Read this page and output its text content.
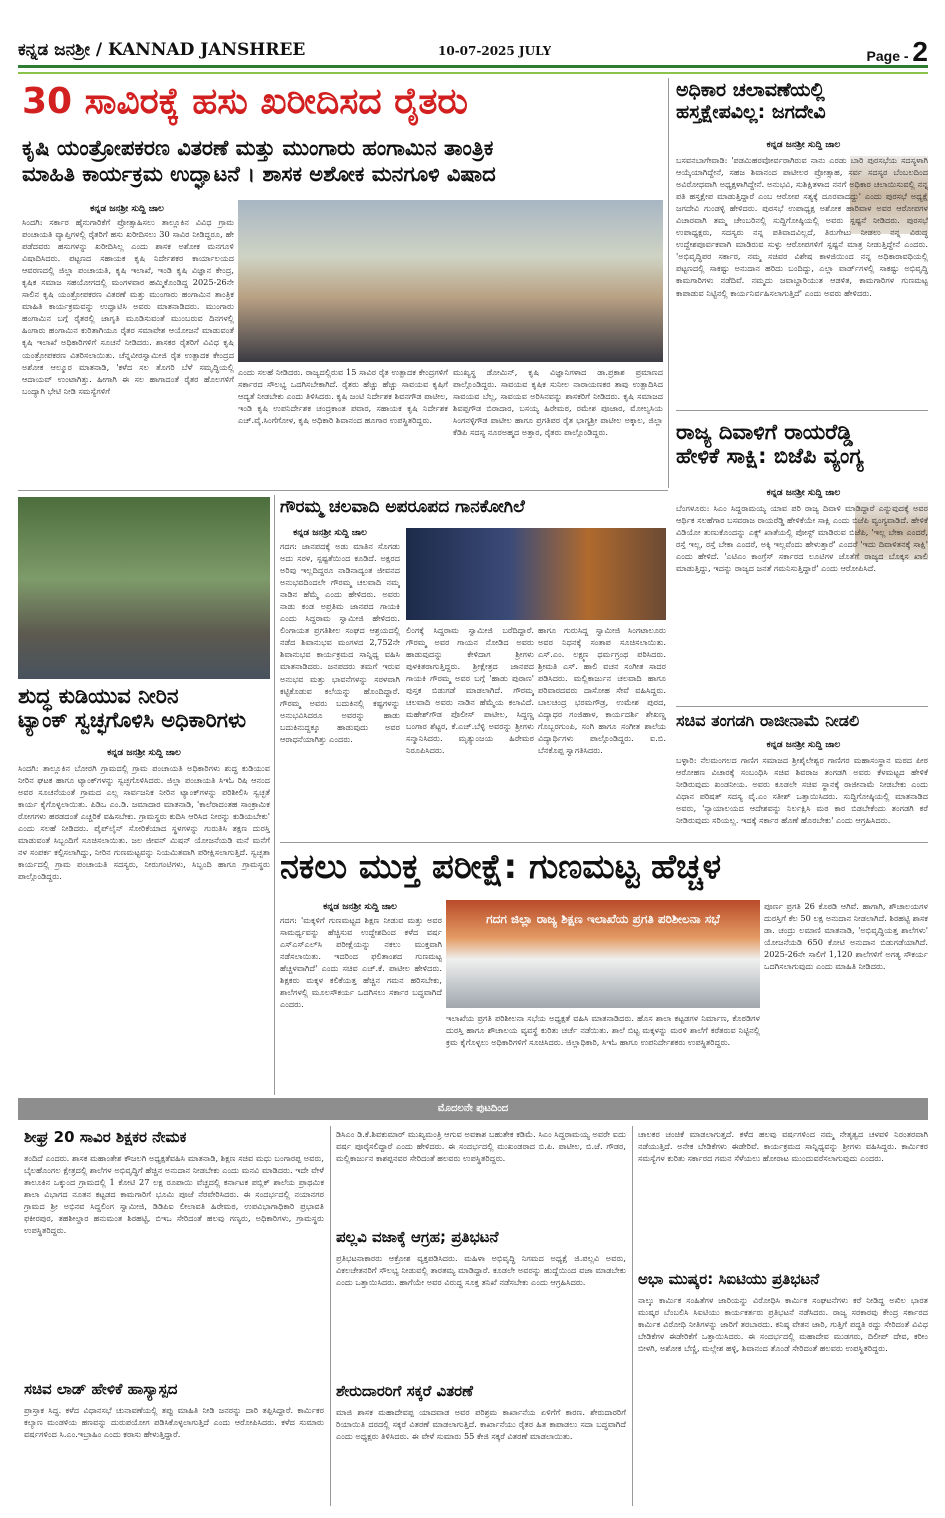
ಕನ್ನಡ ಜನಶ್ರೀ / KANNAD JANSHREE	10-07-2025 JULY	Page - 2
30 ಸಾವಿರಕ್ಕೆ ಹಸು ಖರೀದಿಸದ ರೈತರು
ಕೃಷಿ ಯಂತ್ರೋಪಕರಣ ವಿತರಣೆ ಮತ್ತು ಮುಂಗಾರು ಹಂಗಾಮಿನ ತಾಂತ್ರಿಕ
ಮಾಹಿತಿ ಕಾರ್ಯಕ್ರಮ ಉದ್ಘಾಟನೆ । ಶಾಸಕ ಅಶೋಕ ಮನಗೂಳಿ ವಿಷಾದ
ಕನ್ನಡ ಜನಶ್ರೀ ಸುದ್ದಿ ಜಾಲ
ಸಿಂದಗಿ: ಸರ್ಕಾರ ಹೈನುಗಾರಿಕೆಗೆ ಪ್ರೋತ್ಸಾಹಿಸಲು ತಾಲ್ಲೂಕಿನ ವಿವಿಧ ಗ್ರಾಮ ಪಂಚಾಯತಿ ವ್ಯಾಪ್ತಿಗಳಲ್ಲಿ ರೈತರಿಗೆ ಹಸು ಖರೀದಿಸಲು 30 ಸಾವಿರ ನೀಡಿದ್ದರೂ, ಹೇ ಪಡೆದವರು ಹಸುಗಳನ್ನು ಖರೀದಿಸಿಲ್ಲ ಎಂದು ಶಾಸಕ ಅಶೋಕ ಮನಗೂಳಿ ವಿಷಾದಿಸಿದರು. ಪಟ್ಟಣದ ಸಹಾಯಕ ಕೃಷಿ ನಿರ್ದೇಶಕರ ಕಾರ್ಯಾಲಯದ ಆವರಣದಲ್ಲಿ ಜಿಲ್ಲಾ ಪಂಚಾಯತಿ, ಕೃಷಿ ಇಲಾಖೆ, ಇಂಡಿ ಕೃಷಿ ವಿಜ್ಞಾನ ಕೇಂದ್ರ, ಕೃಷಿಕ ಸಮಾಜ ಸಹಯೋಗದಲ್ಲಿ ಮಂಗಳವಾರ ಹಮ್ಮಿಕೊಂಡಿದ್ದ 2025-26ನೇ ಸಾಲಿನ ಕೃಷಿ ಯಂತ್ರೋಪಕರಣ ವಿತರಣೆ ಮತ್ತು ಮುಂಗಾರು ಹಂಗಾಮಿನ ತಾಂತ್ರಿಕ ಮಾಹಿತಿ ಕಾರ್ಯಕ್ರಮವನ್ನು ಉದ್ಘಾಟಿಸಿ ಅವರು ಮಾತನಾಡಿದರು. ಮುಂಗಾರು ಹಂಗಾಮಿನ ಬಗ್ಗೆ ರೈತರಲ್ಲಿ ಜಾಗೃತಿ ಮೂಡಿಸುವಂತೆ ಮುಂಬರುವ ದಿನಗಳಲ್ಲಿ ಹಿಂಗಾರು ಹಂಗಾಮಿನ ಕುರಿತಾಗಿಯೂ ರೈತರ ಸಮಾವೇಶ ಆಯೋಜನೆ ಮಾಡುವಂತೆ ಕೃಷಿ ಇಲಾಖೆ ಅಧಿಕಾರಿಗಳಿಗೆ ಸೂಚನೆ ನೀಡಿದರು. ಶಾಸಕರ ರೈತರಿಗೆ ವಿವಿಧ ಕೃಷಿ ಯಂತ್ರೋಪಕರಣ ವಿತರಿಸಲಾಯಿತು. ಚೆನ್ನವೀರಸ್ವಾಮೀಜಿ ರೈತ ಉತ್ಪಾದಕ ಕೇಂದ್ರದ ಅಶೋಕ ಆಲ್ಮೂರ ಮಾತನಾಡಿ, 'ಕಳೆದ ಸಲ ತೊಗರಿ ಬೆಳೆ ಸಮೃದ್ಧಿಯಲ್ಲಿ ಆದಾಯವ್ ಉಂಟಾಗಿತ್ತು. ಹೀಗಾಗಿ ಈ ಸಲ ಹಾಗಾದಂತೆ ರೈತರ ಹೊಲಗಳಿಗೆ ಬಂದ್ಯಾಗಿ ಭೇಟಿ ನೀಡಿ ಸಮಸ್ಯೆಗಳಿಗೆ
ಎಂದು ಸಲಹೆ ನೀಡಿದರು. ರಾಜ್ಯದಲ್ಲಿರುವ 15 ಸಾವಿರ ರೈತ ಉತ್ಪಾದಕ ಕೇಂದ್ರಗಳಿಗೆ ಸರ್ಕಾರದ ಸೌಲಭ್ಯ ಒದಗಿಸಬೇಕಾಗಿದೆ. ರೈತರು ಹೆಚ್ಚು ಹೆಚ್ಚು ಸಾವಯವ ಕೃಷಿಗೆ ಆದ್ಯತೆ ನೀಡಬೇಕು ಎಂದು ತಿಳಿಸಿದರು. ಕೃಷಿ ಜಂಟಿ ನಿರ್ದೇಶಕ ಶಿವನಗೌಡ ಪಾಟೀಲ, ಇಂಡಿ ಕೃಷಿ ಉಪನಿರ್ದೇಶಕ ಚಂದ್ರಕಾಂತ ಪವಾರ, ಸಹಾಯಕ ಕೃಷಿ ನಿರ್ದೇಶಕ ಎಚ್.ವೈ.ಸಿಂಗೆಗೋಳ, ಕೃಷಿ ಅಧಿಕಾರಿ ಶಿವಾನಂದ ಹೂಗಾರ ಉಪಸ್ಥಿತರಿದ್ದರು.
ಮುಖ್ಯಸ್ಥ ಡೋಮಿನ್, ಕೃಷಿ ವಿಜ್ಞಾನಿಗಳಾದ ಡಾ.ಪ್ರಕಾಶ ಪ್ರಮಾಣದ ಪಾಲ್ಗೊಂಡಿದ್ದರು. ಸಾವಯವ ಕೃಷಿಕ ಸುನೀಲ ನಾರಾಯಣಕರ ತಾವು ಉತ್ಪಾದಿಸಿದ ಸಾವಯವ ಬೆಲ್ಲ, ಸಾವಯವ ಅರಿಸಿನವನ್ನು ಶಾಸಕರಿಗೆ ನೀಡಿದರು. ಕೃಷಿ ಸಮಾಜದ ಶಿವಪ್ಪಗೌಡ ಬಿರಾದಾರ, ಬಸಯ್ಯ ಹಿರೇಮಠ, ರಮೇಶ ಪೂಜಾರ, ಮೋಲ್ಯಸಿಯ ಸಿಂಗನಳ್ಳಿಗೌಡ ಪಾಟೀಲ ಹಾಗೂ ಪ್ರಗತಿಪರ ರೈತ ಭಾಗ್ಯಶ್ರೀ ಪಾಟೀಲ ಅಕ್ಕಾಲ, ಜಿಲ್ಲಾ ಕೆಡಿಪಿ ಸದಸ್ಯ ನೂರಅಹ್ಮದ ಅತ್ತಾರ, ರೈತರು ಪಾಲ್ಗೊಂಡಿದ್ದರು.
ಅಧಿಕಾರ ಚಲಾವಣೆಯಲ್ಲಿ
ಹಸ್ತಕ್ಷೇಪವಿಲ್ಲ: ಜಗದೇವಿ
ಕನ್ನಡ ಜನಶ್ರೀ ಸುದ್ದಿ ಜಾಲ
ಬಸವನಬಾಗೇವಾಡಿ: 'ಪಡಮಿಹರವೋರ್ವರಾಗಿರುವ ನಾನು ಎರಡು ಬಾರಿ ಪುರಸಭೆಯ ಸದಸ್ಯಳಾಗಿ ಆಯ್ಕೆಯಾಗಿದ್ದೇನೆ, ಸಹಜ ಶಿವಾನಂದ ಪಾಟೀಲರ ಪ್ರೋತ್ಸಾಹ, ಸರ್ವ ಸದಸ್ಯರ ಬೆಂಬಲದಿಂದ ಅವಿರೋಧವಾಗಿ ಅಧ್ಯಕ್ಷಳಾಗಿದ್ದೇನೆ. ಅನುಭವಿ, ಸುಶಿಕ್ಷಿತಳಾದ ನನಗೆ ಅಧಿಕಾರ ಚಲಾಯಿಸುವಲ್ಲಿ ನನ್ನ ಪತಿ ಹಸ್ತಕ್ಷೇಪ ಮಾಡುತ್ತಿದ್ದಾರೆ ಎಂಬ ಆರೋಪ ಸತ್ಯಕ್ಕೆ ದೂರವಾದದ್ದು' ಎಂದು ಪುರಸಭೆ ಅಧ್ಯಕ್ಷೆ ಜಗದೇವಿ ಗುಂಡಳ್ಳಿ ಹೇಳಿದರು. ಪುರಸಭೆ ಉಪಾಧ್ಯಕ್ಷ ಅಶೋಕ ಹಾರಿವಾಳ ಅವರ ಆರೋಪಗಳ ವಿಚಾರವಾಗಿ ತಮ್ಮ ಚೇಂಬರಿನಲ್ಲಿ ಸುದ್ದಿಗೋಷ್ಠಿಯಲ್ಲಿ ಅವರು ಸ್ಪಷ್ಟನೆ ನೀಡಿದರು. ಪುರಸಭೆ ಉಪಾಧ್ಯಕ್ಷರು, ಸದಸ್ಯರು ನನ್ನ ಪತಿವಾದವಿಲ್ಲದೆ, ತಿರುಗೇಟು ನೀಡಲು ನನ್ನ ವಿರುದ್ಧ ಉದ್ದೇಶಪೂರ್ವಕವಾಗಿ ಮಾಡಿರುವ ಸುಳ್ಳು ಆರೋಪಗಳಿಗೆ ಸ್ಪಷ್ಟನೆ ಮಾತ್ರ ನೀಡುತ್ತಿದ್ದೇನೆ ಎಂದರು. 'ಅಭಿವೃದ್ಧಿಪರ ಸರ್ಕಾರ, ನಮ್ಮ ಸಚಿವರ ವಿಶೇಷ ಕಾಳಜಿಯಿಂದ ನನ್ನ ಅಧಿಕಾರಾವಧಿಯಲ್ಲಿ ಪಟ್ಟಣದಲ್ಲಿ ಸಾಕಷ್ಟು ಅನುದಾನ ಹರಿದು ಬಂದಿದ್ದು, ಎಲ್ಲಾ ವಾರ್ಡ್‌ಗಳಲ್ಲಿ ಸಾಕಷ್ಟು ಅಭಿವೃದ್ಧಿ ಕಾಮಗಾರಿಗಳು ನಡೆದಿವೆ. ನಮ್ಮದು ಜವಾಬ್ದಾರಿಯುತ ಆಡಳಿತ, ಕಾಮಗಾರಿಗಳ ಗುಣಮಟ್ಟ ಕಾಪಾಡುವ ನಿಟ್ಟಿನಲ್ಲಿ ಕಾರ್ಯನಿರ್ವಹಿಸಲಾಗುತ್ತಿದೆ' ಎಂದು ಅವರು ಹೇಳಿದರು.
ರಾಜ್ಯ ದಿವಾಳಿಗೆ ರಾಯರೆಡ್ಡಿ
ಹೇಳಿಕೆ ಸಾಕ್ಷಿ: ಬಿಜೆಪಿ ವ್ಯಂಗ್ಯ
ಕನ್ನಡ ಜನಶ್ರೀ ಸುದ್ದಿ ಜಾಲ
ಬೆಂಗಳೂರು: ಸಿಎಂ ಸಿದ್ದರಾಮಯ್ಯ ಯಾವ ಪರಿ ರಾಜ್ಯ ದಿವಾಳಿ ಮಾಡಿದ್ದಾರೆ ಎನ್ನುವುದಕ್ಕೆ ಅವರ ಆರ್ಥಿಕ ಸಲಹೆಗಾರ ಬಸವರಾಜ ರಾಯರೆಡ್ಡಿ ಹೇಳಿಕೆಯೇ ಸಾಕ್ಷಿ ಎಂದು ಬಿಜೆಪಿ ವ್ಯಂಗ್ಯವಾಡಿದೆ. ಹೇಳಿಕೆ ವಿಡಿಯೋ ತುಣುಕೊಂದನ್ನು ಎಕ್ಸ್ ಖಾತೆಯಲ್ಲಿ ಪೋಸ್ಟ್ ಮಾಡಿರುವ ಬಿಜೆಪಿ, 'ಇಲ್ಲ ಬೇಕಾ ಎಂದರೆ, ರಸ್ತೆ ಇಲ್ಲ, ರಸ್ತೆ ಬೇಕಾ ಎಂದರೆ, ಅಕ್ಕಿ ಇಲ್ಲವೆಂದು ಹೇಳುತ್ತಾರೆ' ಎಂದರೆ 'ಇದು ದಿವಾಳಿತನಕ್ಕೆ ಸಾಕ್ಷಿ' ಎಂದು ಹೇಳಿದೆ. 'ಎಟಿಎಂ ಕಾಂಗ್ರೆಸ್ ಸರ್ಕಾರದ ಲೂಟಿಗಳ ಜೊತೆಗೆ ರಾಜ್ಯದ ಬೊಕ್ಕಸ ಖಾಲಿ ಮಾಡುತ್ತಿದ್ದು, ಇದನ್ನು ರಾಜ್ಯದ ಜನತೆ ಗಮನಿಸುತ್ತಿದ್ದಾರೆ' ಎಂದು ಆರೋಪಿಸಿದೆ.
ಸಚಿವ ತಂಗಡಗಿ ರಾಜೀನಾಮೆ ನೀಡಲಿ
ಕನ್ನಡ ಜನಶ್ರೀ ಸುದ್ದಿ ಜಾಲ
ಬಳ್ಳಾರಿ: ನೆಲಮಂಗಲದ ಗಾಣಿಗ ಸಮಾಜದ ಶ್ರೀಶೈಲೇಶ್ವರ ಗಾಣಿಗರ ಮಹಾಸಂಸ್ಥಾನ ಮಠದ ಪೀಠ ಆರೋಹಣ ವಿಚಾರಕ್ಕೆ ಸಂಬಂಧಿಸಿ ಸಚಿವ ಶಿವರಾಜ ತಂಗಡಗಿ ಅವರು ಕೆಳಮಟ್ಟದ ಹೇಳಿಕೆ ನೀಡಿರುವುದು ಖಂಡನೀಯ. ಅವರು ಕೂಡಲೇ ಸಚಿವ ಸ್ಥಾನಕ್ಕೆ ರಾಜೀನಾಮೆ ನೀಡಬೇಕು ಎಂದು ವಿಧಾನ ಪರಿಷತ್ ಸದಸ್ಯ ವೈ.ಎಂ ಸತೀಶ್ ಒತ್ತಾಯಿಸಿದರು. ಸುದ್ದಿಗೋಷ್ಠಿಯಲ್ಲಿ ಮಾತನಾಡಿದ ಅವರು, 'ನ್ಯಾಯಾಲಯದ ಆದೇಶವನ್ನು ನಿರ್ಲಕ್ಷಿಸಿ ಮಠ ಕಾರ ಬಿಡಬೇಕೆಂದು ತಂಗಡಗಿ ಕರೆ ನೀಡಿರುವುದು ಸರಿಯಲ್ಲ. ಇದಕ್ಕೆ ಸರ್ಕಾರ ಹೊಣೆ ಹೊರಬೇಕು' ಎಂದು ಆಗ್ರಹಿಸಿದರು.
ಶುದ್ಧ ಕುಡಿಯುವ ನೀರಿನ
ಟ್ಯಾಂಕ್ ಸ್ವಚ್ಛಗೊಳಿಸಿ ಅಧಿಕಾರಿಗಳು
ಕನ್ನಡ ಜನಶ್ರೀ ಸುದ್ದಿ ಜಾಲ
ಸಿಂದಗಿ: ತಾಲ್ಲೂಕಿನ ಬೋರಗಿ ಗ್ರಾಮದಲ್ಲಿ ಗ್ರಾಮ ಪಂಚಾಯತಿ ಅಧಿಕಾರಿಗಳು ಶುದ್ಧ ಕುಡಿಯುವ ನೀರಿನ ಘಟಕ ಹಾಗೂ ಟ್ಯಾಂಕ್‌ಗಳನ್ನು ಸ್ವಚ್ಛಗೊಳಿಸಿದರು. ಜಿಲ್ಲಾ ಪಂಚಾಯತಿ ಸಿಇಓ ರಿಷಿ ಆನಂದ ಅವರ ಸೂಚನೆಯಂತೆ ಗ್ರಾಮದ ಎಲ್ಲ ಸಾರ್ವಜನಿಕ ನೀರಿನ ಟ್ಯಾಂಕ್‌ಗಳನ್ನು ಪರಿಶೀಲಿಸಿ ಸ್ವಚ್ಛತೆ ಕಾರ್ಯ ಕೈಗೊಳ್ಳಲಾಯಿತು. ಪಿಡಿಒ ಎಂ.ಡಿ. ಜಮಾದಾರ ಮಾತನಾಡಿ, 'ಕಾಲೆರಾದಂತಹ ಸಾಂಕ್ರಾಮಿಕ ರೋಗಗಳು ಹರಡದಂತೆ ಎಚ್ಚರಿಕೆ ವಹಿಸಬೇಕು. ಗ್ರಾಮಸ್ಥರು ಕುದಿಸಿ ಆರಿಸಿದ ನೀರನ್ನು ಕುಡಿಯಬೇಕು' ಎಂದು ಸಲಹೆ ನೀಡಿದರು. ಪೈಪ್‌ಲೈನ್ ಸೋರಿಕೆಯಾದ ಸ್ಥಳಗಳನ್ನು ಗುರುತಿಸಿ ತಕ್ಷಣ ದುರಸ್ತಿ ಮಾಡುವಂತೆ ಸಿಬ್ಬಂದಿಗೆ ಸೂಚಿಸಲಾಯಿತು. ಜಲ ಜೀವನ್ ಮಿಷನ್ ಯೋಜನೆಯಡಿ ಮನೆ ಮನೆಗೆ ನಳ ಸಂಪರ್ಕ ಕಲ್ಪಿಸಲಾಗಿದ್ದು, ನೀರಿನ ಗುಣಮಟ್ಟವನ್ನು ನಿಯಮಿತವಾಗಿ ಪರೀಕ್ಷಿಸಲಾಗುತ್ತಿದೆ. ಸ್ವಚ್ಛತಾ ಕಾರ್ಯದಲ್ಲಿ ಗ್ರಾಮ ಪಂಚಾಯತಿ ಸದಸ್ಯರು, ನೀರುಗಂಟಿಗಳು, ಸಿಬ್ಬಂದಿ ಹಾಗೂ ಗ್ರಾಮಸ್ಥರು ಪಾಲ್ಗೊಂಡಿದ್ದರು.
ಗೌರಮ್ಮ ಚಲವಾದಿ ಅಪರೂಪದ ಗಾನಕೋಗಿಲೆ
ಕನ್ನಡ ಜನಶ್ರೀ ಸುದ್ದಿ ಜಾಲ
ಗದಗ: ಜಾನಪದಕ್ಕೆ ಅಡು ಮಾತಿನ ಸೊಗಡು ಅದು ಸರಳ, ಸ್ಪಷ್ಟತೆಯಿಂದ ಕೂಡಿದೆ. ಅಕ್ಷರದ ಅರಿವು ಇಲ್ಲದಿದ್ದರೂ ನಾಡಿನಾದ್ಯಂತ ಜೀವನದ ಅನುಭವದಿಂದಲೇ ಗೌರಮ್ಮ ಚಲವಾದಿ ನಮ್ಮ ನಾಡಿನ ಹೆಮ್ಮೆ ಎಂದು ಹೇಳಿದರು. ಅವರು ನಾಡು ಕಂಡ ಅಪ್ರತಿಮ ಜಾನಪದ ಗಾಯಕಿ ಎಂದು ಸಿದ್ದರಾಮ ಸ್ವಾಮೀಜಿ ಹೇಳಿದರು. ಲಿಂಗಾಯತ ಪ್ರಗತಿಶೀಲ ಸಂಘದ ಆಶ್ರಯದಲ್ಲಿ ನಡೆದ ಶಿವಾನುಭವ ಮಂಗಳದ 2,752ನೇ ಶಿವಾನುಭವ ಕಾರ್ಯಕ್ರಮದ ಸಾನ್ನಿಧ್ಯ ವಹಿಸಿ ಮಾತನಾಡಿದರು. ಜನಪದರು ತಮಗೆ ಇರುವ ಅನುಭವ ಮತ್ತು ಭಾವನೆಗಳನ್ನು ಸರಳವಾಗಿ ಕಟ್ಟಿಕೊಡುವ ಕಲೆಯನ್ನು ಹೊಂದಿದ್ದಾರೆ. ಗೌರಮ್ಮ ಅವರು ಬದುಕಿನಲ್ಲಿ ಕಷ್ಟಗಳನ್ನು ಅನುಭವಿಸಿದರೂ ಅವರನ್ನು ಹಾಡು ಬದುಕಿನುದ್ದಕ್ಕೂ ಹಾಡುವುದು ಅವರ ಆರಾಧನೆಯಾಗಿತ್ತು ಎಂದರು.
ಲಿಂಗಕ್ಕೆ ಸಿದ್ದರಾಮ ಸ್ವಾಮೀಜಿ ಬರೆದಿದ್ದಾರೆ. ಗೌರಮ್ಮ ಅವರ ಗಾಯನ ನೋಡಿದ ಅವರು ಹಾಡುವುದನ್ನು ಕೇಳಿದಾಗ ಶ್ರೀಗಳು ಪುಳಕಿತರಾಗುತ್ತಿದ್ದರು. ಶ್ರೀಕ್ಷೇತ್ರದ ಜಾನಪದ ಗಾಯಕಿ ಗೌರಮ್ಮ ಅವರ ಬಗ್ಗೆ 'ಹಾಡು ಪುರಾಣ' ಪುಸ್ತಕ ಬಿಡುಗಡೆ ಮಾಡಲಾಗಿದೆ. ಗೌರಮ್ಮ ಚಲವಾದಿ ಅವರು ನಾಡಿನ ಹೆಮ್ಮೆಯ ಕಲಾವಿದೆ. ಮಹೇಶ್‌ಗೌಡ ಪೊಲೀಸ್ ಪಾಟೀಲ, ಸಿದ್ದಣ್ಣ ಬಂಗಾರ ಶೆಟ್ಟರ, ಕೆ.ಎಚ್.ಬೆಳ್ಳಿ ಅವರನ್ನು ಶ್ರೀಗಳು ಸನ್ಮಾನಿಸಿದರು. ಮೃತ್ಯುಂಜಯ ಹಿರೇಮಠ ನಿರೂಪಿಸಿದರು.
ಹಾಗೂ ಗುರುಸಿದ್ದ ಸ್ವಾಮೀಜಿ ಸಿಂಗಟಾಲೂರು ಅವರ ನಿಧನಕ್ಕೆ ಸಂತಾಪ ಸೂಚಿಸಲಾಯಿತು. ಎಸ್.ಎಂ. ಲಕ್ಷ್ಮಣ ಧರ್ಮಗ್ರಂಥ ಪಠಿಸಿದರು. ಶ್ರೀಮತಿ ಎಸ್. ಹಾಲಿ ವಚನ ಸಂಗೀತ ಸಾದರ ಪಡಿಸಿದರು. ಮಲ್ಲಿಕಾರ್ಜುನ ಚಲವಾದಿ ಹಾಗೂ ಪರಿವಾರದವರು ದಾಸೋಹ ಸೇವೆ ವಹಿಸಿದ್ದರು. ಬಾಲಚಂದ್ರ ಭರಮಗೌಡ್ರ, ಉಮೇಶ ಪುರದ, ವಿದ್ಯಾಧರ ಗಂಜಿಹಾಳ, ಕಾರ್ಯದರ್ಶಿ ಶೇಖಣ್ಣ ಗೊಬ್ಬರಗುಂಪಿ, ಸಂಗಿ ಹಾಗೂ ಸಂಗೀತ ಶಾಲೆಯ ವಿದ್ಯಾರ್ಥಿಗಳು ಪಾಲ್ಗೊಂಡಿದ್ದರು. ಐ.ಬಿ. ಬೆನಕೊಪ್ಪ ಸ್ವಾಗತಿಸಿದರು.
ನಕಲು ಮುಕ್ತ ಪರೀಕ್ಷೆ: ಗುಣಮಟ್ಟ ಹೆಚ್ಚಳ
ಕನ್ನಡ ಜನಶ್ರೀ ಸುದ್ದಿ ಜಾಲ
ಗದಗ: 'ಮಕ್ಕಳಿಗೆ ಗುಣಮಟ್ಟದ ಶಿಕ್ಷಣ ನೀಡುವ ಮತ್ತು ಅವರ ಸಾಮರ್ಥ್ಯವನ್ನು ಹೆಚ್ಚಿಸುವ ಉದ್ದೇಶದಿಂದ ಕಳೆದ ವರ್ಷ ಎಸ್‌ಎಸ್‌ಎಲ್‌ಸಿ ಪರೀಕ್ಷೆಯನ್ನು ನಕಲು ಮುಕ್ತವಾಗಿ ನಡೆಸಲಾಯಿತು. ಇದರಿಂದ ಫಲಿತಾಂಶದ ಗುಣಮಟ್ಟ ಹೆಚ್ಚಳವಾಗಿದೆ' ಎಂದು ಸಚಿವ ಎಚ್.ಕೆ. ಪಾಟೀಲ ಹೇಳಿದರು. ಶಿಕ್ಷಕರು ಮಕ್ಕಳ ಕಲಿಕೆಯತ್ತ ಹೆಚ್ಚಿನ ಗಮನ ಹರಿಸಬೇಕು, ಶಾಲೆಗಳಲ್ಲಿ ಮೂಲಸೌಕರ್ಯ ಒದಗಿಸಲು ಸರ್ಕಾರ ಬದ್ಧವಾಗಿದೆ ಎಂದರು.
ಗದಗ ಜಿಲ್ಲಾ ರಾಜ್ಯ ಶಿಕ್ಷಣ ಇಲಾಖೆಯ ಪ್ರಗತಿ ಪರಿಶೀಲನಾ ಸಭೆ
ಇಲಾಖೆಯ ಪ್ರಗತಿ ಪರಿಶೀಲನಾ ಸಭೆಯ ಅಧ್ಯಕ್ಷತೆ ವಹಿಸಿ ಮಾತನಾಡಿದರು. ಹೊಸ ಶಾಲಾ ಕಟ್ಟಡಗಳ ನಿರ್ಮಾಣ, ಕೊಠಡಿಗಳ ದುರಸ್ತಿ ಹಾಗೂ ಶೌಚಾಲಯ ವ್ಯವಸ್ಥೆ ಕುರಿತು ಚರ್ಚೆ ನಡೆಯಿತು. ಶಾಲೆ ಬಿಟ್ಟ ಮಕ್ಕಳನ್ನು ಮರಳಿ ಶಾಲೆಗೆ ಕರೆತರುವ ನಿಟ್ಟಿನಲ್ಲಿ ಕ್ರಮ ಕೈಗೊಳ್ಳಲು ಅಧಿಕಾರಿಗಳಿಗೆ ಸೂಚಿಸಿದರು. ಜಿಲ್ಲಾಧಿಕಾರಿ, ಸಿಇಓ ಹಾಗೂ ಉಪನಿರ್ದೇಶಕರು ಉಪಸ್ಥಿತರಿದ್ದರು.
ಪೂರ್ಣ ಪ್ರಗತಿ 26 ಕೊಠಡಿ ಆಗಿವೆ. ಹಾಗಾಗಿ, ಶೌಚಾಲಯಗಳ ದುರಸ್ತಿಗೆ ಕೆಲ 50 ಲಕ್ಷ ಅನುದಾನ ನೀಡಲಾಗಿದೆ. ಶಿರಹಟ್ಟಿ ಶಾಸಕ ಡಾ. ಚಂದ್ರು ಲಮಾಣಿ ಮಾತನಾಡಿ, 'ಅಭಿವೃದ್ಧಿಯತ್ತ ಶಾಲೆಗಳು' ಯೋಜನೆಯಡಿ 650 ಕೋಟಿ ಅನುದಾನ ಬಿಡುಗಡೆಯಾಗಿದೆ. 2025-26ನೇ ಸಾಲಿಗೆ 1,120 ಶಾಲೆಗಳಿಗೆ ಅಗತ್ಯ ಸೌಕರ್ಯ ಒದಗಿಸಲಾಗುವುದು ಎಂದು ಮಾಹಿತಿ ನೀಡಿದರು.
ಮೊದಲನೇ ಪುಟದಿಂದ
ಶೀಘ್ರ 20 ಸಾವಿರ ಶಿಕ್ಷಕರ ನೇಮಕ
ತಂದಿದೆ ಎಂದರು. ಶಾಸಕ ಮಹಾಂತೇಶ ಕೌಜಲಗಿ ಅಧ್ಯಕ್ಷತೆವಹಿಸಿ ಮಾತನಾಡಿ, ಶಿಕ್ಷಣ ಸಚಿವ ಮಧು ಬಂಗಾರಪ್ಪ ಅವರು, ಬೈಲಹೊಂಗಲ ಕ್ಷೇತ್ರದಲ್ಲಿ ಶಾಲೆಗಳ ಅಭಿವೃದ್ಧಿಗೆ ಹೆಚ್ಚಿನ ಅನುದಾನ ನೀಡಬೇಕು ಎಂದು ಮನವಿ ಮಾಡಿದರು. ಇದೇ ವೇಳೆ ತಾಲೂಕಿನ ಒಕ್ಕುಂದ ಗ್ರಾಮದಲ್ಲಿ 1 ಕೋಟಿ 27 ಲಕ್ಷ ರೂಪಾಯಿ ವೆಚ್ಚದಲ್ಲಿ ಕರ್ನಾಟಕ ಪಬ್ಲಿಕ್ ಶಾಲೆಯ ಪ್ರಾಥಮಿಕ ಶಾಲಾ ವಿಭಾಗದ ನೂತನ ಕಟ್ಟಡದ ಕಾಮಗಾರಿಗೆ ಭೂಮಿ ಪೂಜೆ ನೆರವೇರಿಸಿದರು. ಈ ಸಂದರ್ಭದಲ್ಲಿ ನಯಾನಗರ ಗ್ರಾಮದ ಶ್ರೀ ಅಭಿನವ ಸಿದ್ದಲಿಂಗ ಸ್ವಾಮೀಜಿ, ಡಿಡಿಪಿಐ ಲೀಲಾವತಿ ಹಿರೇಮಠ, ಉಪವಿಭಾಗಾಧಿಕಾರಿ ಪ್ರಭಾವತಿ ಫಕೀರಪುರ, ತಹಶೀಲ್ದಾರ ಹನುಮಂತ ಶಿರಹಟ್ಟಿ, ಬಿಇಒ ಸೇರಿದಂತೆ ಹಲವು ಗಣ್ಯರು, ಅಧಿಕಾರಿಗಳು, ಗ್ರಾಮಸ್ಥರು ಉಪಸ್ಥಿತರಿದ್ದರು.
ಸಚಿವ ಲಾಡ್ ಹೇಳಿಕೆ ಹಾಸ್ಯಾಸ್ಪದ
ಪ್ರಾಸ್ತಾಕ ಸಿದ್ಧ. ಕಳೆದ ವಿಧಾನಸಭೆ ಚುನಾವಣೆಯಲ್ಲಿ ತಪ್ಪು ಮಾಹಿತಿ ನೀಡಿ ಜನರನ್ನು ದಾರಿ ತಪ್ಪಿಸಿದ್ದಾರೆ. ಕಾರ್ಮಿಕರ ಕಲ್ಯಾಣ ಮಂಡಳಿಯ ಹಣವನ್ನು ದುರುಪಯೋಗ ಪಡಿಸಿಕೊಳ್ಳಲಾಗುತ್ತಿದೆ ಎಂದು ಆರೋಪಿಸಿದರು. ಕಳೆದ ಸುಮಾರು ವರ್ಷಗಳಿಂದ ಸಿ.ಎಂ.ಇಬ್ರಾಹಿಂ ಎಂದು ಕರಾಸು ಹೇಳುತ್ತಿದ್ದಾರೆ.
ಡಿಸಿಎಂ ಡಿ.ಕೆ.ಶಿವಕುಮಾರ್ ಮುಖ್ಯಮಂತ್ರಿ ಆಗುವ ಅವಕಾಶ ಬಹುತೇಕ ಕಡಿಮೆ. ಸಿಎಂ ಸಿದ್ದರಾಮಯ್ಯ ಅವರೇ ಐದು ವರ್ಷ ಪೂರೈಸಲಿದ್ದಾರೆ ಎಂದು ಹೇಳಿದರು. ಈ ಸಂದರ್ಭದಲ್ಲಿ ಮುಖಂಡರಾದ ಬಿ.ಪಿ. ಪಾಟೀಲ, ಬಿ.ಜೆ. ಗೌಡರ, ಮಲ್ಲಿಕಾರ್ಜುನ ಕಾಶಪ್ಪನವರ ಸೇರಿದಂತೆ ಹಲವರು ಉಪಸ್ಥಿತರಿದ್ದರು.
ಪಲ್ಲವಿ ವಜಾಕ್ಕೆ ಆಗ್ರಹ; ಪ್ರತಿಭಟನೆ
ಪ್ರತಿಭಟನಾಕಾರರು ಆಕ್ರೋಶ ವ್ಯಕ್ತಪಡಿಸಿದರು. ಮಹಿಳಾ ಅಭಿವೃದ್ಧಿ ನಿಗಮದ ಅಧ್ಯಕ್ಷೆ ಜಿ.ಪಲ್ಲವಿ ಅವರು, ವಿಕಲಚೇತನರಿಗೆ ಸೌಲಭ್ಯ ನೀಡುವಲ್ಲಿ ತಾರತಮ್ಯ ಮಾಡಿದ್ದಾರೆ. ಕೂಡಲೇ ಅವರನ್ನು ಹುದ್ದೆಯಿಂದ ವಜಾ ಮಾಡಬೇಕು ಎಂದು ಒತ್ತಾಯಿಸಿದರು. ಹಾಗೆಯೇ ಅವರ ವಿರುದ್ಧ ಸೂಕ್ತ ತನಿಖೆ ನಡೆಸಬೇಕು ಎಂದು ಆಗ್ರಹಿಸಿದರು.
ಶೇರುದಾರರಿಗೆ ಸಕ್ಕರೆ ವಿತರಣೆ
ಮಾಜಿ ಶಾಸಕ ಮಹಾದೇವಪ್ಪ ಯಾದವಾಡ ಅವರ ಪರಿಶ್ರಮ ಕಾರ್ಖಾನೆಯ ಏಳಿಗೆಗೆ ಕಾರಣ. ಶೇರುದಾರರಿಗೆ ರಿಯಾಯಿತಿ ದರದಲ್ಲಿ ಸಕ್ಕರೆ ವಿತರಣೆ ಮಾಡಲಾಗುತ್ತಿದೆ. ಕಾರ್ಖಾನೆಯು ರೈತರ ಹಿತ ಕಾಪಾಡಲು ಸದಾ ಬದ್ಧವಾಗಿದೆ ಎಂದು ಅಧ್ಯಕ್ಷರು ತಿಳಿಸಿದರು. ಈ ವೇಳೆ ಸುಮಾರು 55 ಕೇಜಿ ಸಕ್ಕರೆ ವಿತರಣೆ ಮಾಡಲಾಯಿತು.
ಚಾಲಕರ ಚಂಚಿಕೆ ಮಾಡಲಾಗುತ್ತದೆ. ಕಳೆದ ಹಲವು ವರ್ಷಗಳಿಂದ ನಮ್ಮ ನೇತೃತ್ವದ ಚಳವಳಿ ನಿರಂತರವಾಗಿ ನಡೆಯುತ್ತಿದೆ. ಅನೇಕ ಬೇಡಿಕೆಗಳು ಈಡೇರಿವೆ. ಕಾರ್ಯಕ್ರಮದ ಸಾನ್ನಿಧ್ಯವನ್ನು ಶ್ರೀಗಳು ವಹಿಸಿದ್ದರು. ಕಾರ್ಮಿಕರ ಸಮಸ್ಯೆಗಳ ಕುರಿತು ಸರ್ಕಾರದ ಗಮನ ಸೆಳೆಯಲು ಹೋರಾಟ ಮುಂದುವರೆಸಲಾಗುವುದು ಎಂದರು.
ಅಭಾ ಮುಷ್ಕರ: ಸಿಐಟಿಯು ಪ್ರತಿಭಟನೆ
ನಾಲ್ಕು ಕಾರ್ಮಿಕ ಸಂಹಿತೆಗಳ ಜಾರಿಯನ್ನು ವಿರೋಧಿಸಿ ಕಾರ್ಮಿಕ ಸಂಘಟನೆಗಳು ಕರೆ ನೀಡಿದ್ದ ಅಖಿಲ ಭಾರತ ಮುಷ್ಕರ ಬೆಂಬಲಿಸಿ ಸಿಐಟಿಯು ಕಾರ್ಯಕರ್ತರು ಪ್ರತಿಭಟನೆ ನಡೆಸಿದರು. ರಾಜ್ಯ ಸರಕಾರವು ಕೇಂದ್ರ ಸರ್ಕಾರದ ಕಾರ್ಮಿಕ ವಿರೋಧಿ ನೀತಿಗಳನ್ನು ಜಾರಿಗೆ ತರಬಾರದು. ಕನಿಷ್ಠ ವೇತನ ಜಾರಿ, ಗುತ್ತಿಗೆ ಪದ್ಧತಿ ರದ್ದು ಸೇರಿದಂತೆ ವಿವಿಧ ಬೇಡಿಕೆಗಳ ಈಡೇರಿಕೆಗೆ ಒತ್ತಾಯಿಸಿದರು. ಈ ಸಂದರ್ಭದಲ್ಲಿ ಮಹಾದೇವ ಮುಡಗರು, ದಿಲೀಪ್ ದೇವ, ಕರೀಂ ಬೀಳಗಿ, ಅಶೋಕ ಬೆಣ್ಣಿ, ಮಲ್ಲೇಶ ಹಳ್ಳಿ, ಶಿವಾನಂದ ತೊಂಡೆ ಸೇರಿದಂತೆ ಹಲವರು ಉಪಸ್ಥಿತರಿದ್ದರು.
